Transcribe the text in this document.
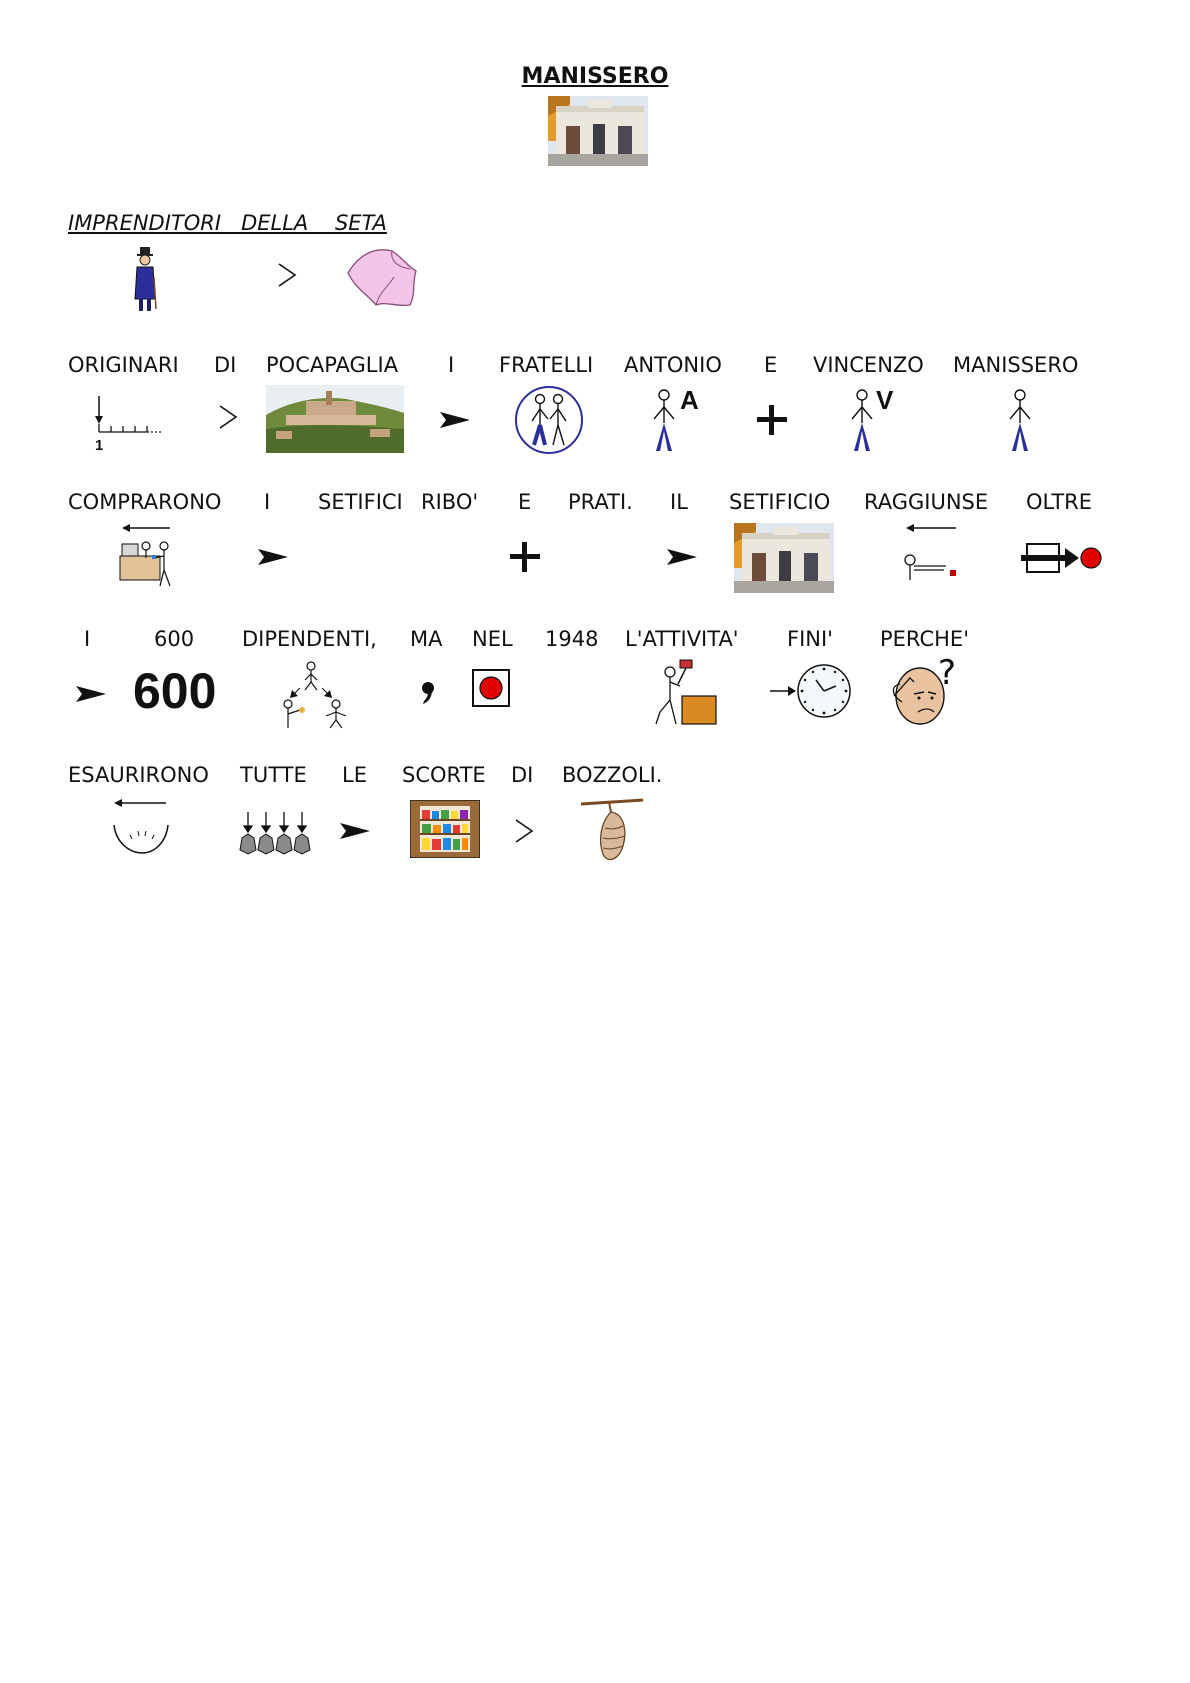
MANISSERO
IMPRENDITORI   DELLA    SETA
ORIGINARI DI POCAPAGLIA I FRATELLI ANTONIO E VINCENZO MANISSERO
1
A	V
COMPRARONO I SETIFICI RIBO' E PRATI. IL SETIFICIO RAGGIUNSE OLTRE
I	600 DIPENDENTI, MA NEL 1948 L'ATTIVITA' FINI' PERCHE'
600	?
ESAURIRONO TUTTE LE SCORTE DI BOZZOLI.
